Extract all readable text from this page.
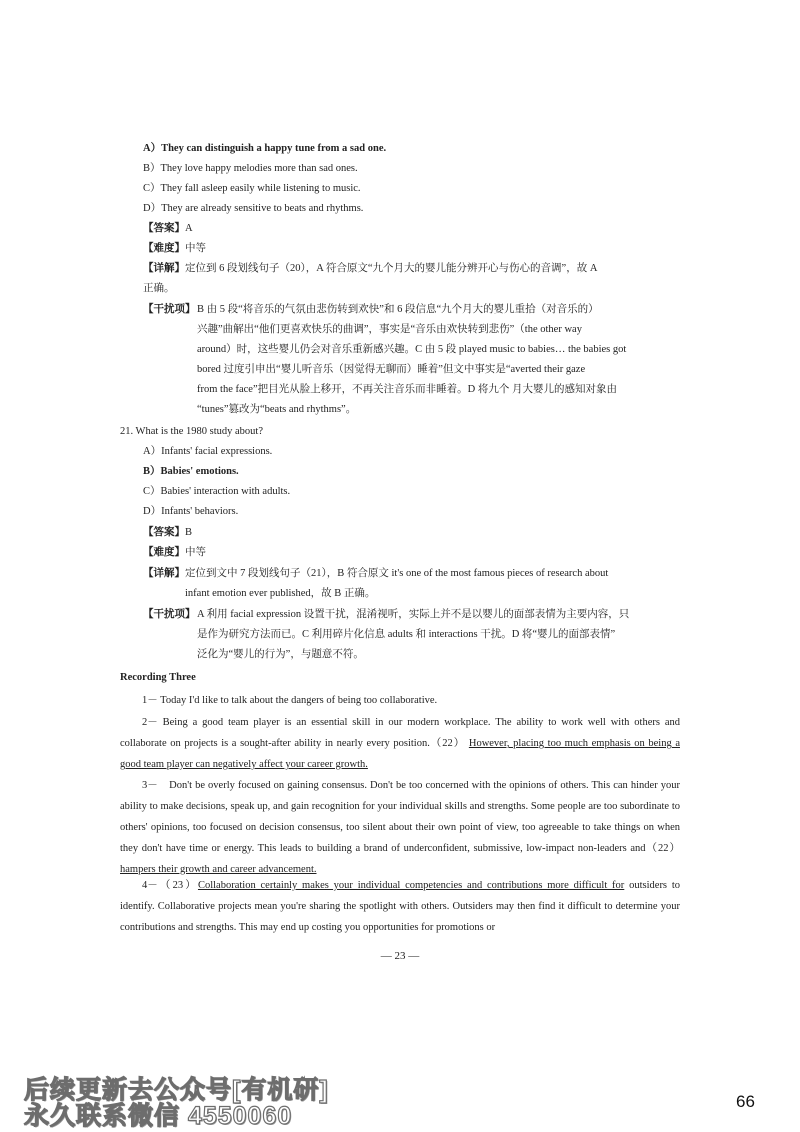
A）They can distinguish a happy tune from a sad one.
B）They love happy melodies more than sad ones.
C）They fall asleep easily while listening to music.
D）They are already sensitive to beats and rhythms.
【答案】A
【难度】中等
【详解】定位到 6 段划线句子（20），A 符合原文“九个月大的婴儿能分辨开心与伤心的音调”，故 A
正确。
【干扰项】 B 由 5 段“将音乐的气氛由悲伤转到欢快”和 6 段信息“九个月大的婴儿重拾（对音乐的）
兴趣”曲解出“他们更喜欢快乐的曲调”，事实是“音乐由欢快转到悲伤”（the other way
around）时，这些婴儿仍会对音乐重新感兴趣。C 由 5 段 played music to babies… the babies got
bored 过度引申出“婴儿听音乐（因觉得无聊而）睡着”但文中事实是“averted their gaze
from the face”把目光从脸上移开，不再关注音乐而非睡着。D 将九个 月大婴儿的感知对象由
“tunes”篡改为“beats and rhythms”。
21. What is the 1980 study about?
A）Infants' facial expressions.
B）Babies' emotions.
C）Babies' interaction with adults.
D）Infants' behaviors.
【答案】B
【难度】中等
【详解】 定位到文中 7 段划线句子（21），B 符合原文 it's one of the most famous pieces of research about
infant emotion ever published，故 B 正确。
【干扰项】 A 利用 facial expression 设置干扰，混淆视听，实际上并不是以婴儿的面部表情为主要内容，只
是作为研究方法而已。C 利用碎片化信息 adults 和 interactions 干扰。D 将“婴儿的面部表情”
泛化为“婴儿的行为”，与题意不符。
Recording Three
1－ Today I'd like to talk about the dangers of being too collaborative.
2－ Being a good team player is an essential skill in our modern workplace. The ability to work well with others and collaborate on projects is a sought-after ability in nearly every position.（22） However, placing too much emphasis on being a good team player can negatively affect your career growth.
3－　Don't be overly focused on gaining consensus. Don't be too concerned with the opinions of others. This can hinder your ability to make decisions, speak up, and gain recognition for your individual skills and strengths. Some people are too subordinate to others' opinions, too focused on decision consensus, too silent about their own point of view, too agreeable to take things on when they don't have time or energy. This leads to building a brand of underconfident, submissive, low-impact non-leaders and（22） hampers their growth and career advancement.
4－（23）Collaboration certainly makes your individual competencies and contributions more difficult for outsiders to identify. Collaborative projects mean you're sharing the spotlight with others. Outsiders may then find it difficult to determine your contributions and strengths. This may end up costing you opportunities for promotions or
— 23 —
后续更新去公众号[有机研]
永久联系微信 4550060
66
